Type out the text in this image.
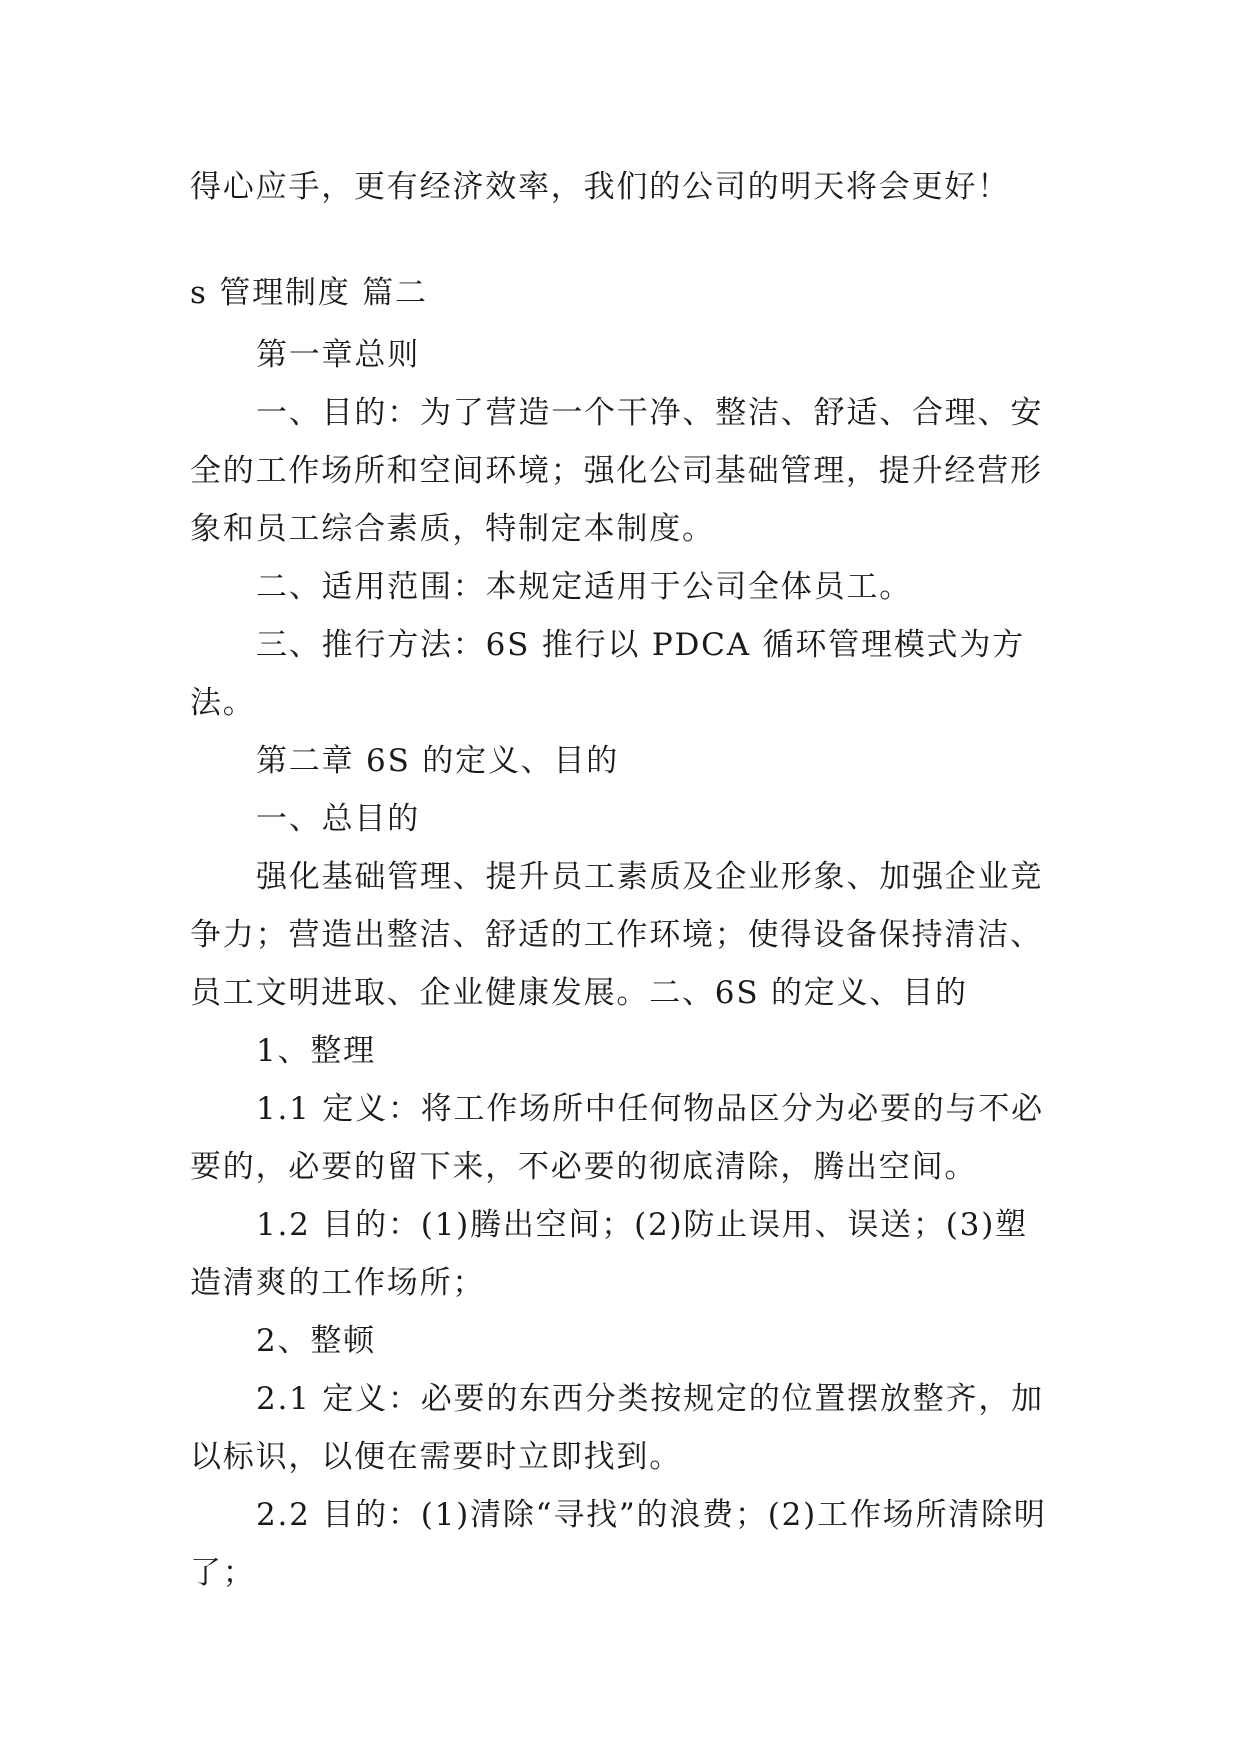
得心应手，更有经济效率，我们的公司的明天将会更好！

s 管理制度 篇二

第一章总则

一、目的：为了营造一个干净、整洁、舒适、合理、安全的工作场所和空间环境；强化公司基础管理，提升经营形象和员工综合素质，特制定本制度。

二、适用范围：本规定适用于公司全体员工。

三、推行方法：6S 推行以 PDCA 循环管理模式为方法。

第二章 6S 的定义、目的

一、总目的

强化基础管理、提升员工素质及企业形象、加强企业竞争力；营造出整洁、舒适的工作环境；使得设备保持清洁、员工文明进取、企业健康发展。二、6S 的定义、目的

1、整理

1.1 定义：将工作场所中任何物品区分为必要的与不必要的，必要的留下来，不必要的彻底清除，腾出空间。

1.2 目的：(1)腾出空间；(2)防止误用、误送；(3)塑造清爽的工作场所；

2、整顿

2.1 定义：必要的东西分类按规定的位置摆放整齐，加以标识，以便在需要时立即找到。

2.2 目的：(1)清除“寻找”的浪费；(2)工作场所清除明了；
